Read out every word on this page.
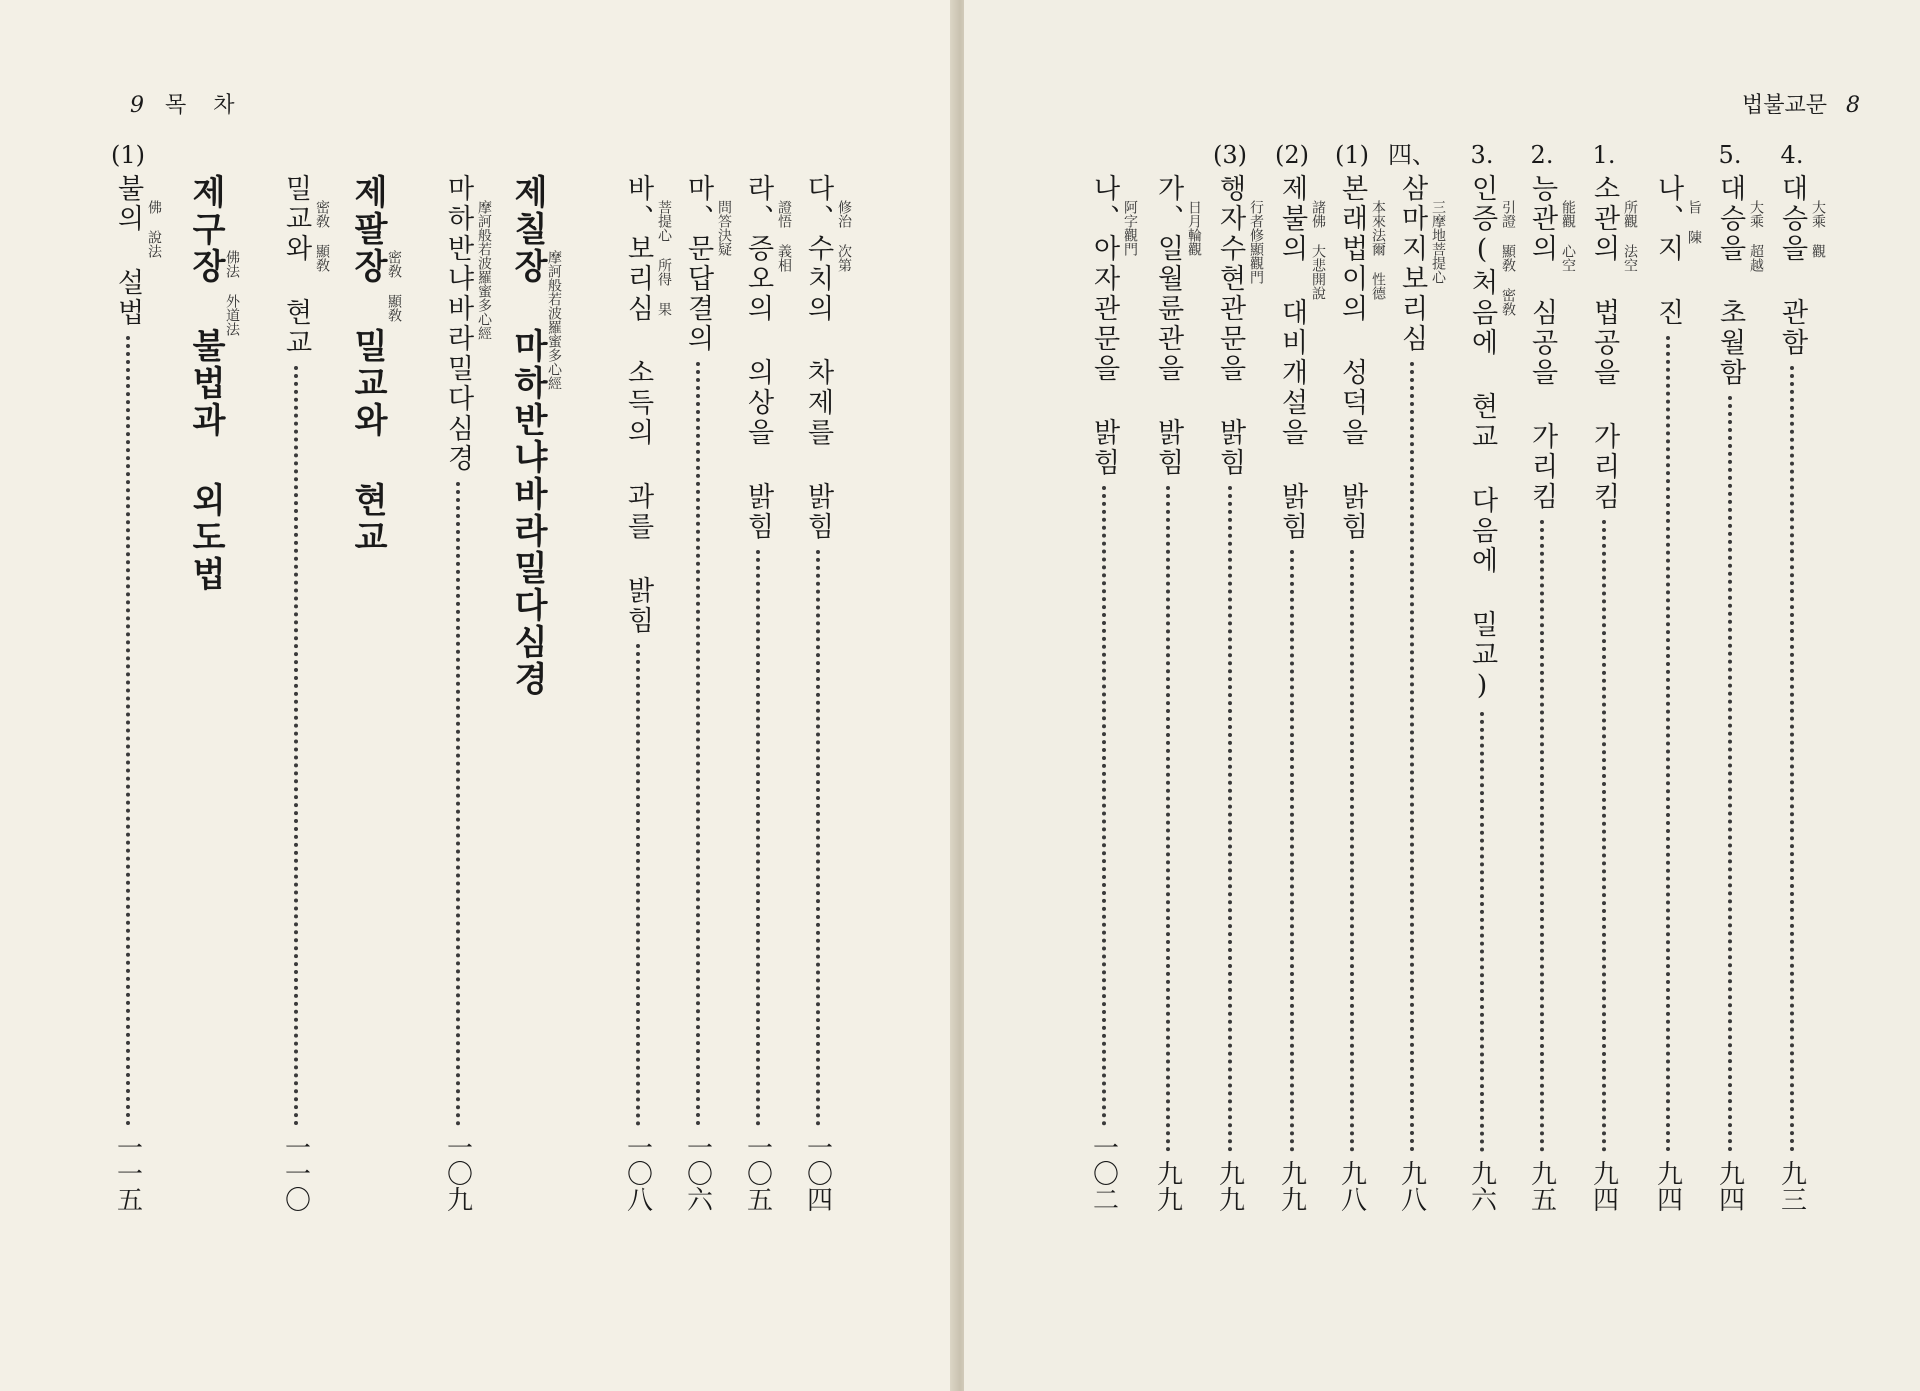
9 목 차
다、수치의 차제를 밝힘
一〇四
修治 次第
라、증오의 의상을 밝힘
一〇五
證悟 義相
마、문답결의
一〇六
問答決疑
바、보리심 소득의 과를 밝힘
一〇八
菩提心 所得 果
제칠장 마하반냐바라밀다심경
摩訶般若波羅蜜多心經
마하반냐바라밀다심경
一〇九
摩訶般若波羅蜜多心經
제팔장 밀교와 현교
密敎 顯敎
밀교와 현교
一一〇
密敎 顯敎
제구장 불법과 외도법
佛法 外道法
(1)
불의 설법
一一五
佛 說法
법불교문 8
4.
대승을 관함
九三
大乘 觀
5.
대승을 초월함
九四
大乘 超越
나、지 진
九四
旨 陳
1.
소관의 법공을 가리킴
九四
所觀 法空
2.
능관의 심공을 가리킴
九五
能觀 心空
3.
인증(처음에 현교 다음에 밀교)
九六
引證 顯敎 密敎
四、
삼마지보리심
九八
三摩地菩提心
(1)
본래법이의 성덕을 밝힘
九八
本來法爾 性德
(2)
제불의 대비개설을 밝힘
九九
諸佛 大悲開說
(3)
행자수현관문을 밝힘
九九
行者修顯觀門
가、일월륜관을 밝힘
九九
日月輪觀
나、아자관문을 밝힘
一〇二
阿字觀門
